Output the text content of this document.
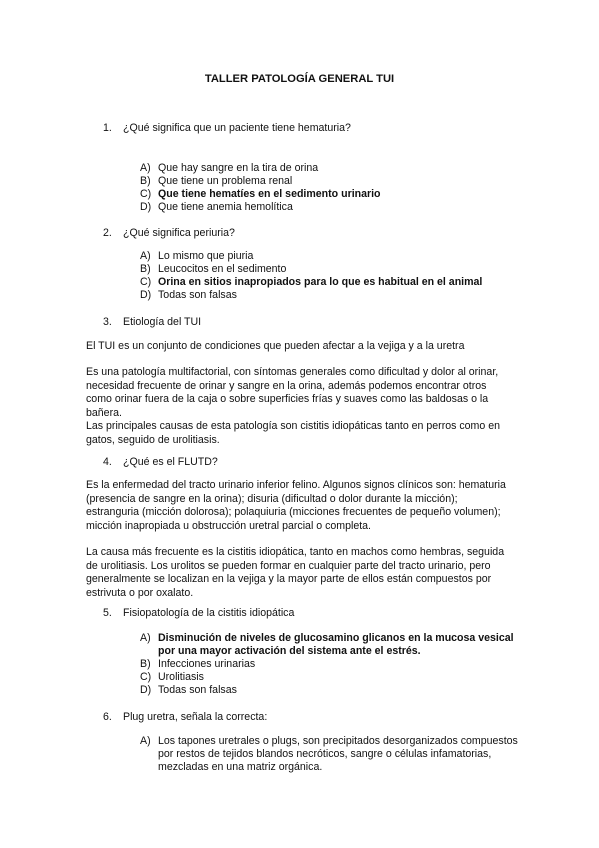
TALLER PATOLOGÍA GENERAL TUI
1. ¿Qué significa que un paciente tiene hematuria?
A) Que hay sangre en la tira de orina
B) Que tiene un problema renal
C) Que tiene hematíes en el sedimento urinario
D) Que tiene anemia hemolítica
2. ¿Qué significa periuria?
A) Lo mismo que piuria
B) Leucocitos en el sedimento
C) Orina en sitios inapropiados para lo que es habitual en el animal
D) Todas son falsas
3. Etiología del TUI

El TUI es un conjunto de condiciones que pueden afectar a la vejiga y a la uretra

Es una patología multifactorial, con síntomas generales como dificultad y dolor al orinar, necesidad frecuente de orinar y sangre en la orina, además podemos encontrar otros como orinar fuera de la caja o sobre superficies frías y suaves como las baldosas o la bañera.

Las principales causas de esta patología son cistitis idiopáticas tanto en perros como en gatos, seguido de urolitiasis.

4. ¿Qué es el FLUTD?

Es la enfermedad del tracto urinario inferior felino. Algunos signos clínicos son: hematuria (presencia de sangre en la orina); disuria (dificultad o dolor durante la micción); estranguria (micción dolorosa); polaquiuria (micciones frecuentes de pequeño volumen); micción inapropiada u obstrucción uretral parcial o completa.

La causa más frecuente es la cistitis idiopática, tanto en machos como hembras, seguida de urolitiasis. Los urolitos se pueden formar en cualquier parte del tracto urinario, pero generalmente se localizan en la vejiga y la mayor parte de ellos están compuestos por estrivuta o por oxalato.

5. Fisiopatología de la cistitis idiopática
A) Disminución de niveles de glucosamino glicanos en la mucosa vesical por una mayor activación del sistema ante el estrés.
B) Infecciones urinarias
C) Urolitiasis
D) Todas son falsas
6. Plug uretra, señala la correcta:
A) Los tapones uretrales o plugs, son precipitados desorganizados compuestos por restos de tejidos blandos necróticos, sangre o células infamatorias, mezcladas en una matriz orgánica.
